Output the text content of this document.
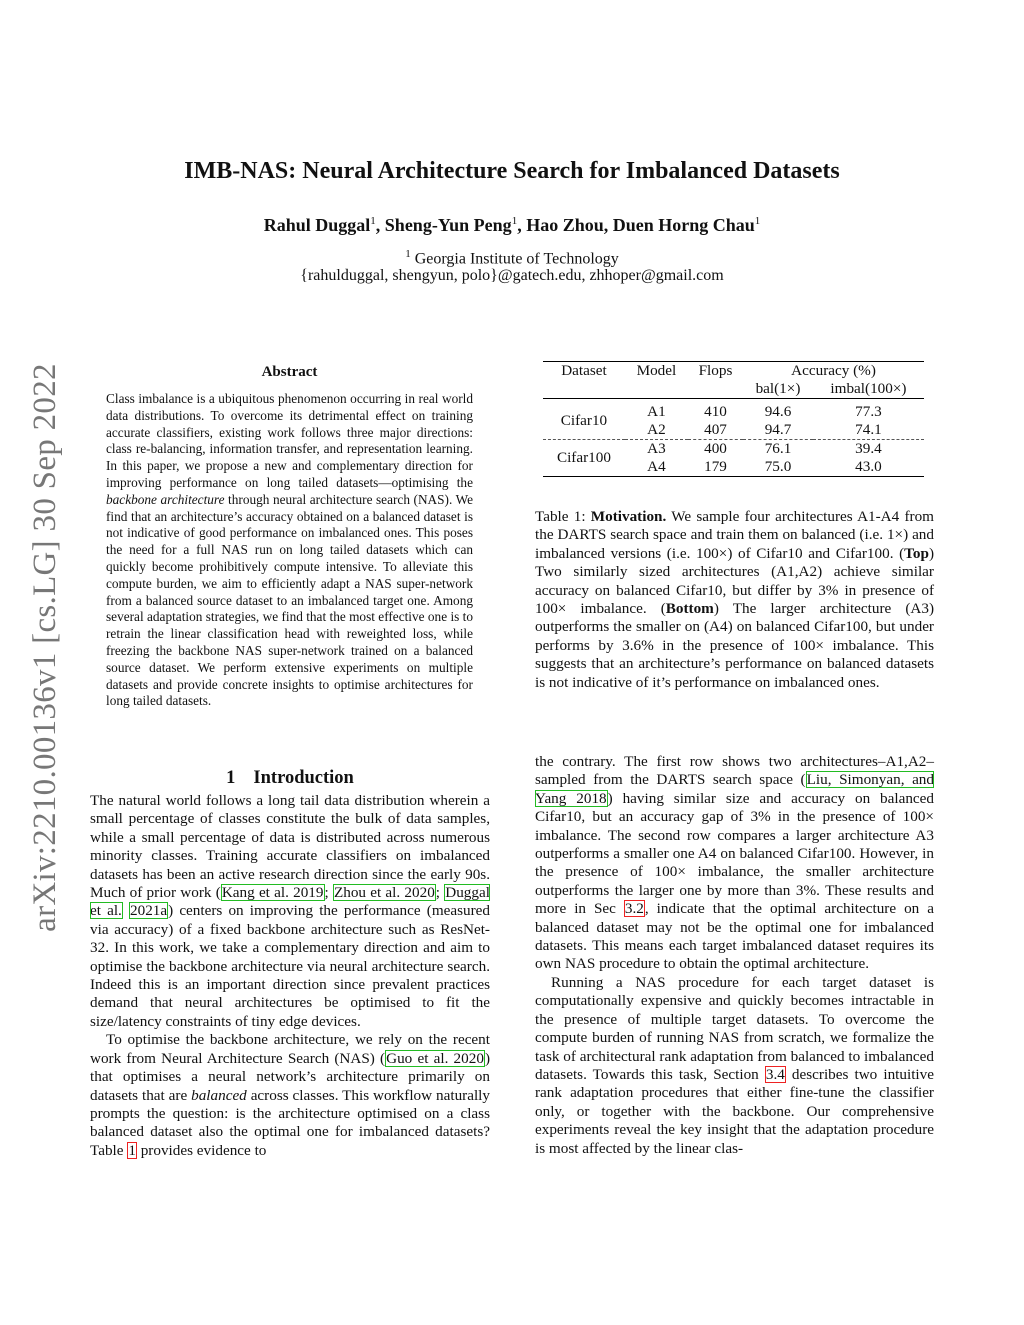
arXiv:2210.00136v1 [cs.LG] 30 Sep 2022
IMB-NAS: Neural Architecture Search for Imbalanced Datasets
Rahul Duggal$^1$, Sheng-Yun Peng$^1$, Hao Zhou, Duen Horng Chau$^1$
$^1$ Georgia Institute of Technology
{rahulduggal, shengyun, polo}@gatech.edu, zhhoper@gmail.com
Abstract
Class imbalance is a ubiquitous phenomenon occurring in real world data distributions. To overcome its detrimental effect on training accurate classifiers, existing work follows three major directions: class re-balancing, information transfer, and representation learning. In this paper, we propose a new and complementary direction for improving performance on long tailed datasets—optimising the backbone architecture through neural architecture search (NAS). We find that an architecture’s accuracy obtained on a balanced dataset is not indicative of good performance on imbalanced ones. This poses the need for a full NAS run on long tailed datasets which can quickly become prohibitively compute intensive. To alleviate this compute burden, we aim to efficiently adapt a NAS super-network from a balanced source dataset to an imbalanced target one. Among several adaptation strategies, we find that the most effective one is to retrain the linear classification head with reweighted loss, while freezing the backbone NAS super-network trained on a balanced source dataset. We perform extensive experiments on multiple datasets and provide concrete insights to optimise architectures for long tailed datasets.
1 Introduction

The natural world follows a long tail data distribution wherein a small percentage of classes constitute the bulk of data samples, while a small percentage of data is distributed across numerous minority classes. Training accurate classifiers on imbalanced datasets has been an active research direction since the early 90s. Much of prior work (Kang et al. 2019; Zhou et al. 2020; Duggal et al. 2021a) centers on improving the performance (measured via accuracy) of a fixed backbone architecture such as ResNet-32. In this work, we take a complementary direction and aim to optimise the backbone architecture via neural architecture search. Indeed this is an important direction since prevalent practices demand that neural architectures be optimised to fit the size/latency constraints of tiny edge devices.

To optimise the backbone architecture, we rely on the recent work from Neural Architecture Search (NAS) (Guo et al. 2020) that optimises a neural network’s architecture primarily on datasets that are balanced across classes. This workflow naturally prompts the question: is the architecture optimised on a class balanced dataset also the optimal one for imbalanced datasets? Table 1 provides evidence to

Dataset	Model	Flops	Accuracy (%)	
			bal(1×)	imbal(100×)

Cifar10	A1	410	94.6	77.3
	A2	407	94.7	74.1
Cifar100	A3	400	76.1	39.4
	A4	179	75.0	43.0
Table 1: Motivation. We sample four architectures A1-A4 from the DARTS search space and train them on balanced (i.e. 1×) and imbalanced versions (i.e. 100×) of Cifar10 and Cifar100. (Top) Two similarly sized architectures (A1,A2) achieve similar accuracy on balanced Cifar10, but differ by 3% in presence of 100× imbalance. (Bottom) The larger architecture (A3) outperforms the smaller on (A4) on balanced Cifar100, but under performs by 3.6% in the presence of 100× imbalance. This suggests that an architecture’s performance on balanced datasets is not indicative of it’s performance on imbalanced ones.

the contrary. The first row shows two architectures–A1,A2–sampled from the DARTS search space (Liu, Simonyan, and Yang 2018) having similar size and accuracy on balanced Cifar10, but an accuracy gap of 3% in the presence of 100× imbalance. The second row compares a larger architecture A3 outperforms a smaller one A4 on balanced Cifar100. However, in the presence of 100× imbalance, the smaller architecture outperforms the larger one by more than 3%. These results and more in Sec 3.2, indicate that the optimal architecture on a balanced dataset may not be the optimal one for imbalanced datasets. This means each target imbalanced dataset requires its own NAS procedure to obtain the optimal architecture.

Running a NAS procedure for each target dataset is computationally expensive and quickly becomes intractable in the presence of multiple target datasets. To overcome the compute burden of running NAS from scratch, we formalize the task of architectural rank adaptation from balanced to imbalanced datasets. Towards this task, Section 3.4 describes two intuitive rank adaptation procedures that either fine-tune the classifier only, or together with the backbone. Our comprehensive experiments reveal the key insight that the adaptation procedure is most affected by the linear clas-
